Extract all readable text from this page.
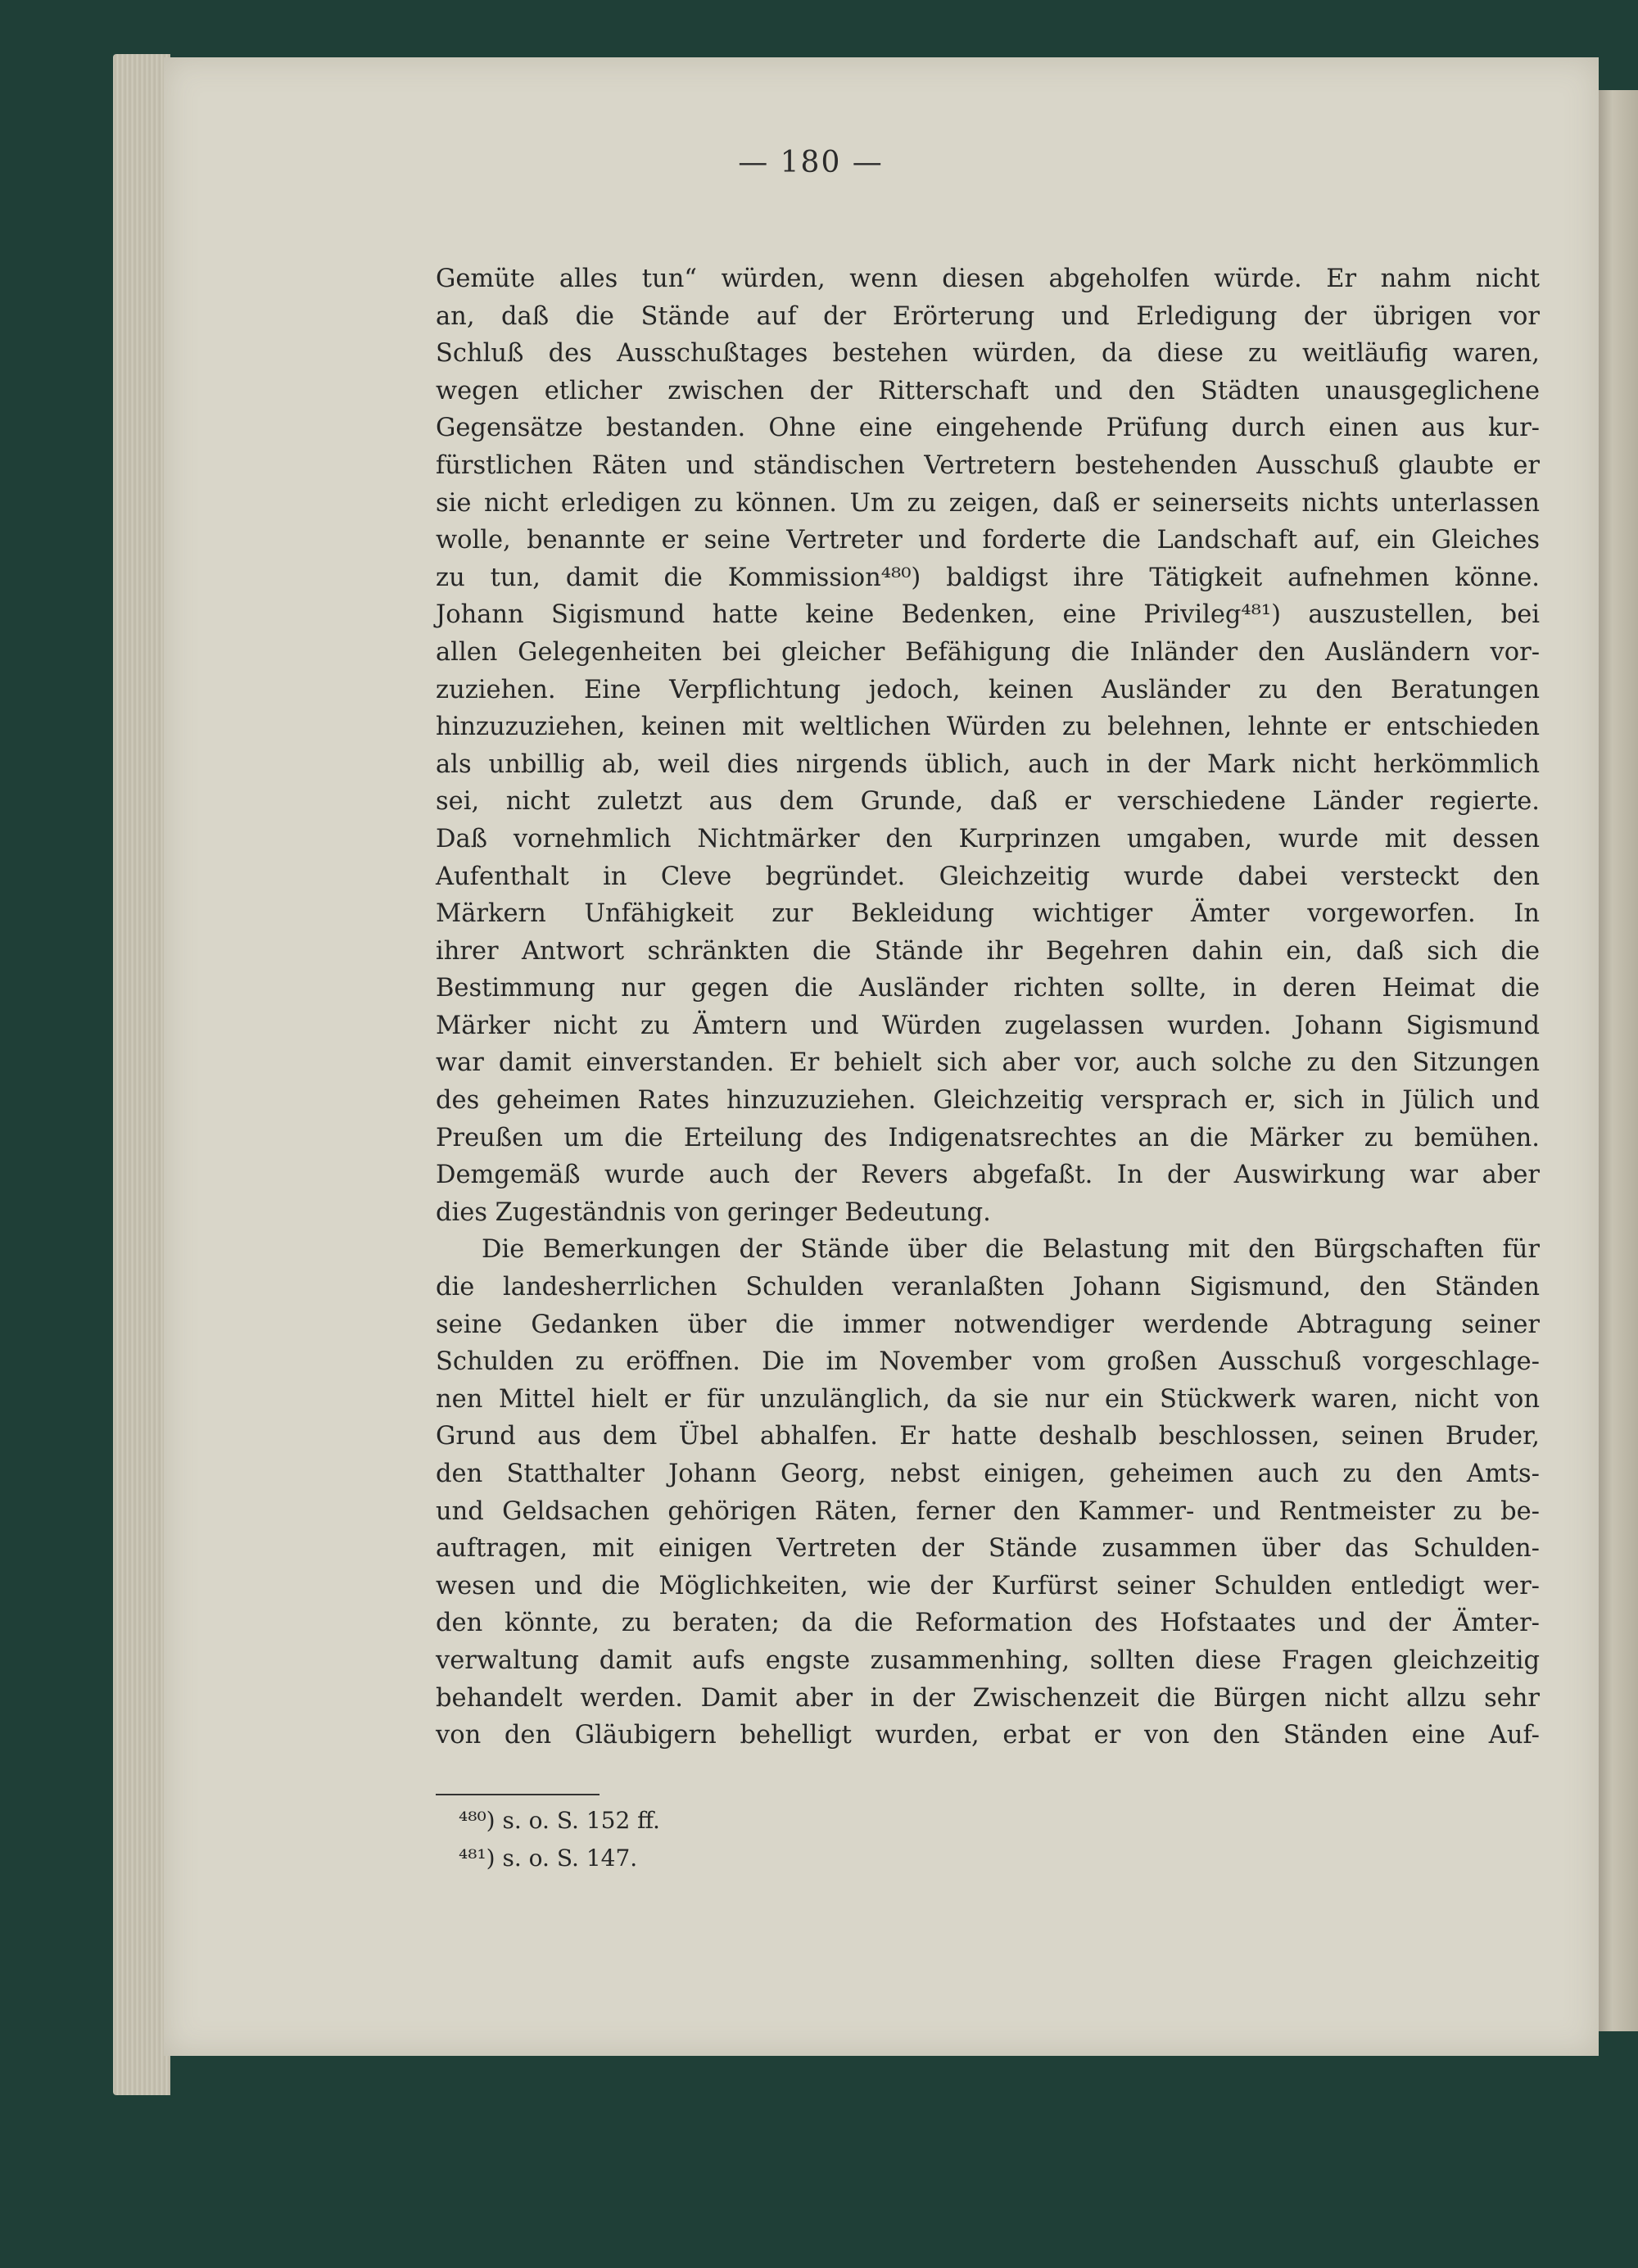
— 180 —
Gemüte alles tun“ würden, wenn diesen abgeholfen würde. Er nahm nicht
an, daß die Stände auf der Erörterung und Erledigung der übrigen vor
Schluß des Ausschußtages bestehen würden, da diese zu weitläufig waren,
wegen etlicher zwischen der Ritterschaft und den Städten unausgeglichene
Gegensätze bestanden. Ohne eine eingehende Prüfung durch einen aus kur-
fürstlichen Räten und ständischen Vertretern bestehenden Ausschuß glaubte er
sie nicht erledigen zu können. Um zu zeigen, daß er seinerseits nichts unterlassen
wolle, benannte er seine Vertreter und forderte die Landschaft auf, ein Gleiches
zu tun, damit die Kommission⁴⁸⁰) baldigst ihre Tätigkeit aufnehmen könne.
Johann Sigismund hatte keine Bedenken, eine Privileg⁴⁸¹) auszustellen, bei
allen Gelegenheiten bei gleicher Befähigung die Inländer den Ausländern vor-
zuziehen. Eine Verpflichtung jedoch, keinen Ausländer zu den Beratungen
hinzuzuziehen, keinen mit weltlichen Würden zu belehnen, lehnte er entschieden
als unbillig ab, weil dies nirgends üblich, auch in der Mark nicht herkömmlich
sei, nicht zuletzt aus dem Grunde, daß er verschiedene Länder regierte.
Daß vornehmlich Nichtmärker den Kurprinzen umgaben, wurde mit dessen
Aufenthalt in Cleve begründet. Gleichzeitig wurde dabei versteckt den
Märkern Unfähigkeit zur Bekleidung wichtiger Ämter vorgeworfen. In
ihrer Antwort schränkten die Stände ihr Begehren dahin ein, daß sich die
Bestimmung nur gegen die Ausländer richten sollte, in deren Heimat die
Märker nicht zu Ämtern und Würden zugelassen wurden. Johann Sigismund
war damit einverstanden. Er behielt sich aber vor, auch solche zu den Sitzungen
des geheimen Rates hinzuzuziehen. Gleichzeitig versprach er, sich in Jülich und
Preußen um die Erteilung des Indigenatsrechtes an die Märker zu bemühen.
Demgemäß wurde auch der Revers abgefaßt. In der Auswirkung war aber
dies Zugeständnis von geringer Bedeutung.
Die Bemerkungen der Stände über die Belastung mit den Bürgschaften für
die landesherrlichen Schulden veranlaßten Johann Sigismund, den Ständen
seine Gedanken über die immer notwendiger werdende Abtragung seiner
Schulden zu eröffnen. Die im November vom großen Ausschuß vorgeschlage-
nen Mittel hielt er für unzulänglich, da sie nur ein Stückwerk waren, nicht von
Grund aus dem Übel abhalfen. Er hatte deshalb beschlossen, seinen Bruder,
den Statthalter Johann Georg, nebst einigen, geheimen auch zu den Amts-
und Geldsachen gehörigen Räten, ferner den Kammer- und Rentmeister zu be-
auftragen, mit einigen Vertreten der Stände zusammen über das Schulden-
wesen und die Möglichkeiten, wie der Kurfürst seiner Schulden entledigt wer-
den könnte, zu beraten; da die Reformation des Hofstaates und der Ämter-
verwaltung damit aufs engste zusammenhing, sollten diese Fragen gleichzeitig
behandelt werden. Damit aber in der Zwischenzeit die Bürgen nicht allzu sehr
von den Gläubigern behelligt wurden, erbat er von den Ständen eine Auf-
⁴⁸⁰) s. o. S. 152 ff.
⁴⁸¹) s. o. S. 147.
